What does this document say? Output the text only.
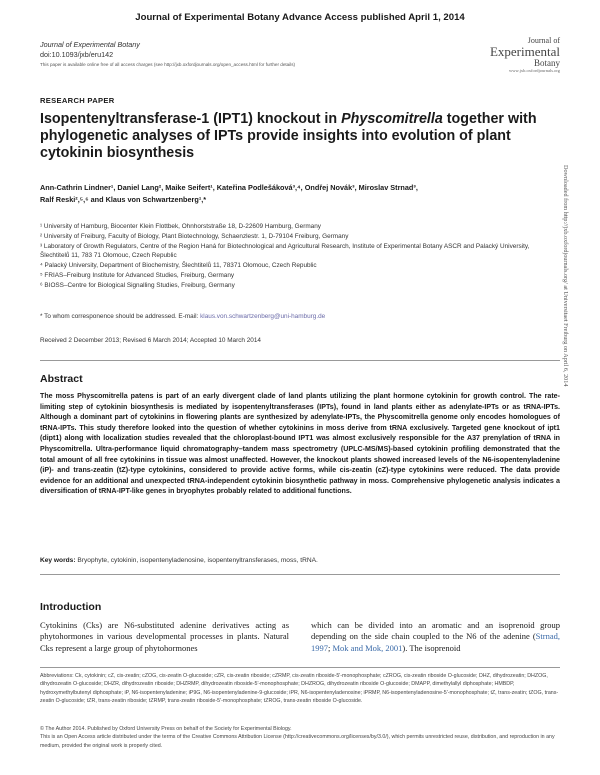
Journal of Experimental Botany Advance Access published April 1, 2014
Journal of Experimental Botany
doi:10.1093/jxb/eru142
This paper is available online free of all access charges (see http://jxb.oxfordjournals.org/open_access.html for further details)
Journal of
Experimental
Botany
www.jxb.oxfordjournals.org
RESEARCH PAPER
Isopentenyltransferase-1 (IPT1) knockout in Physcomitrella together with phylogenetic analyses of IPTs provide insights into evolution of plant cytokinin biosynthesis
Ann-Cathrin Lindner¹, Daniel Lang², Maike Seifert¹, Kateřina Podlešáková³,⁴, Ondřej Novák³, Miroslav Strnad³,
Ralf Reski²,⁵,⁶ and Klaus von Schwartzenberg¹,*
¹ University of Hamburg, Biocenter Klein Flottbek, Ohnhorststraße 18, D-22609 Hamburg, Germany
² University of Freiburg, Faculty of Biology, Plant Biotechnology, Schaenzlestr. 1, D-79104 Freiburg, Germany
³ Laboratory of Growth Regulators, Centre of the Region Haná for Biotechnological and Agricultural Research, Institute of Experimental Botany ASCR and Palacký University, Šlechtitelů 11, 783 71 Olomouc, Czech Republic
⁴ Palacký University, Department of Biochemistry, Šlechtitelů 11, 78371 Olomouc, Czech Republic
⁵ FRIAS–Freiburg Institute for Advanced Studies, Freiburg, Germany
⁶ BIOSS–Centre for Biological Signalling Studies, Freiburg, Germany
* To whom corresponence should be addressed. E-mail: klaus.von.schwartzenberg@uni-hamburg.de
Received 2 December 2013; Revised 6 March 2014; Accepted 10 March 2014
Abstract
The moss Physcomitrella patens is part of an early divergent clade of land plants utilizing the plant hormone cytokinin for growth control. The rate-limiting step of cytokinin biosynthesis is mediated by isopentenyltransferases (IPTs), found in land plants either as adenylate-IPTs or as tRNA-IPTs. Although a dominant part of cytokinins in flowering plants are synthesized by adenylate-IPTs, the Physcomitrella genome only encodes homologues of tRNA-IPTs. This study therefore looked into the question of whether cytokinins in moss derive from tRNA exclusively. Targeted gene knockout of ipt1 (dipt1) along with localization studies revealed that the chloroplast-bound IPT1 was almost exclusively responsible for the A37 prenylation of tRNA in Physcomitrella. Ultra-performance liquid chromatography–tandem mass spectrometry (UPLC-MS/MS)-based cytokinin profiling demonstrated that the total amount of all free cytokinins in tissue was almost unaffected. However, the knockout plants showed increased levels of the N6-isopentenyladenine (iP)- and trans-zeatin (tZ)-type cytokinins, considered to provide active forms, while cis-zeatin (cZ)-type cytokinins were reduced. The data provide evidence for an additional and unexpected tRNA-independent cytokinin biosynthetic pathway in moss. Comprehensive phylogenetic analysis indicates a diversification of tRNA-IPT-like genes in bryophytes probably related to additional functions.
Key words: Bryophyte, cytokinin, isopentenyladenosine, isopentenyltransferases, moss, tRNA.
Introduction
Cytokinins (Cks) are N6-substituted adenine derivatives acting as phytohormones in various developmental processes in plants. Natural Cks represent a large group of phytohormones
which can be divided into an aromatic and an isoprenoid group depending on the side chain coupled to the N6 of the adenine (Strnad, 1997; Mok and Mok, 2001). The isoprenoid
Abbreviations: Ck, cytokinin; cZ, cis-zeatin; cZOG, cis-zeatin O-glucoside; cZR, cis-zeatin riboside; cZRMP, cis-zeatin riboside-5'-monophosphate; cZROG, cis-zeatin riboside O-glucoside; DHZ, dihydrozeatin; DHZOG, dihydrozeatin O-glucoside; DHZR, dihydrozeatin riboside; DHZRMP, dihydrozeatin riboside-5'-monophosphate; DHZROG, dihydrozeatin riboside O-glucoside; DMAPP, dimethylallyl diphosphate; HMBDP, hydroxymethylbutenyl diphosphate; iP, N6-isopentenyladenine; iP9G, N6-isopentenyladenine-9-glucoside; iPR, N6-isopentenyladenosine; iPRMP, N6-isopentenyladenosine-5'-monophosphate; tZ, trans-zeatin; tZOG, trans-zeatin O-glucoside; tZR, trans-zeatin riboside; tZRMP, trans-zeatin riboside-5'-monophosphate; tZROG, trans-zeatin riboside O-glucoside.
© The Author 2014. Published by Oxford University Press on behalf of the Society for Experimental Biology.
This is an Open Access article distributed under the terms of the Creative Commons Attribution License (http://creativecommons.org/licenses/by/3.0/), which permits unrestricted reuse, distribution, and reproduction in any medium, provided the original work is properly cited.
Downloaded from http://jxb.oxfordjournals.org/ at Universitaet Freiburg on April 6, 2014
